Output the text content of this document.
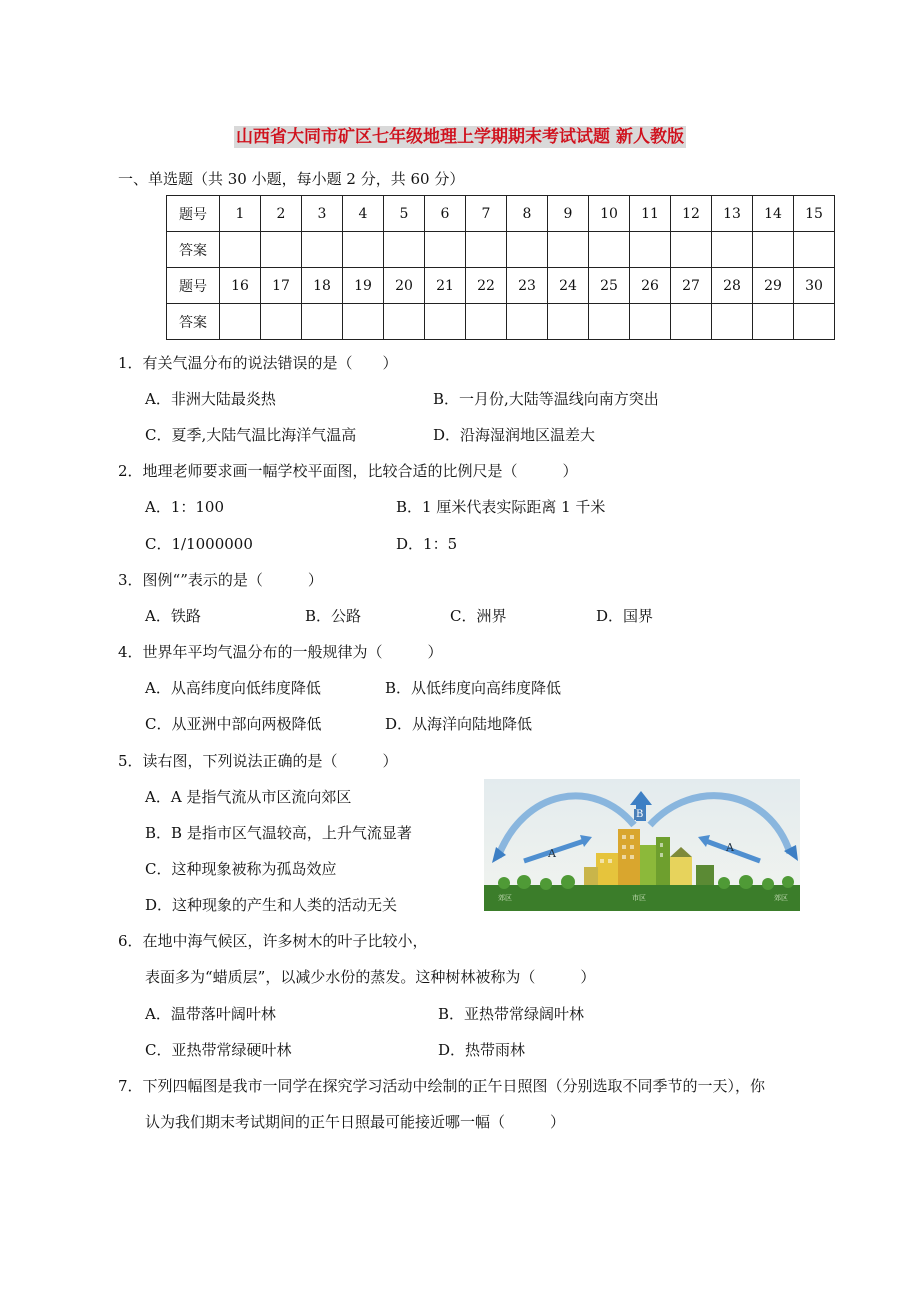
山西省大同市矿区七年级地理上学期期末考试试题 新人教版
一、单选题（共 30 小题，每小题 2 分，共 60 分）
题号	1	2	3	4	5	6	7	8	9	10	11	12	13	14	15
答案															
题号	16	17	18	19	20	21	22	23	24	25	26	27	28	29	30
答案															
1．有关气温分布的说法错误的是（　　）
A．非洲大陆最炎热	B．一月份,大陆等温线向南方突出
C．夏季,大陆气温比海洋气温高	D．沿海湿润地区温差大
2．地理老师要求画一幅学校平面图，比较合适的比例尺是（　　　）
A．1：100	B．1 厘米代表实际距离 1 千米
C．1/1000000	D．1：5
3．图例“”表示的是（　　　）
A．铁路	B．公路	C．洲界	D．国界
4．世界年平均气温分布的一般规律为（　　　）
A．从高纬度向低纬度降低	B．从低纬度向高纬度降低
C．从亚洲中部向两极降低	D．从海洋向陆地降低
5．读右图，下列说法正确的是（　　　）
A．A 是指气流从市区流向郊区
B．B 是指市区气温较高，上升气流显著
C．这种现象被称为孤岛效应
D．这种现象的产生和人类的活动无关
A	A
B
郊区	市区	郊区
6．在地中海气候区，许多树木的叶子比较小，
表面多为“蜡质层”，以减少水份的蒸发。这种树林被称为（　　　）
A．温带落叶阔叶林	B．亚热带常绿阔叶林
C．亚热带常绿硬叶林	D．热带雨林
7．下列四幅图是我市一同学在探究学习活动中绘制的正午日照图（分别选取不同季节的一天），你
认为我们期末考试期间的正午日照最可能接近哪一幅（　　　）
